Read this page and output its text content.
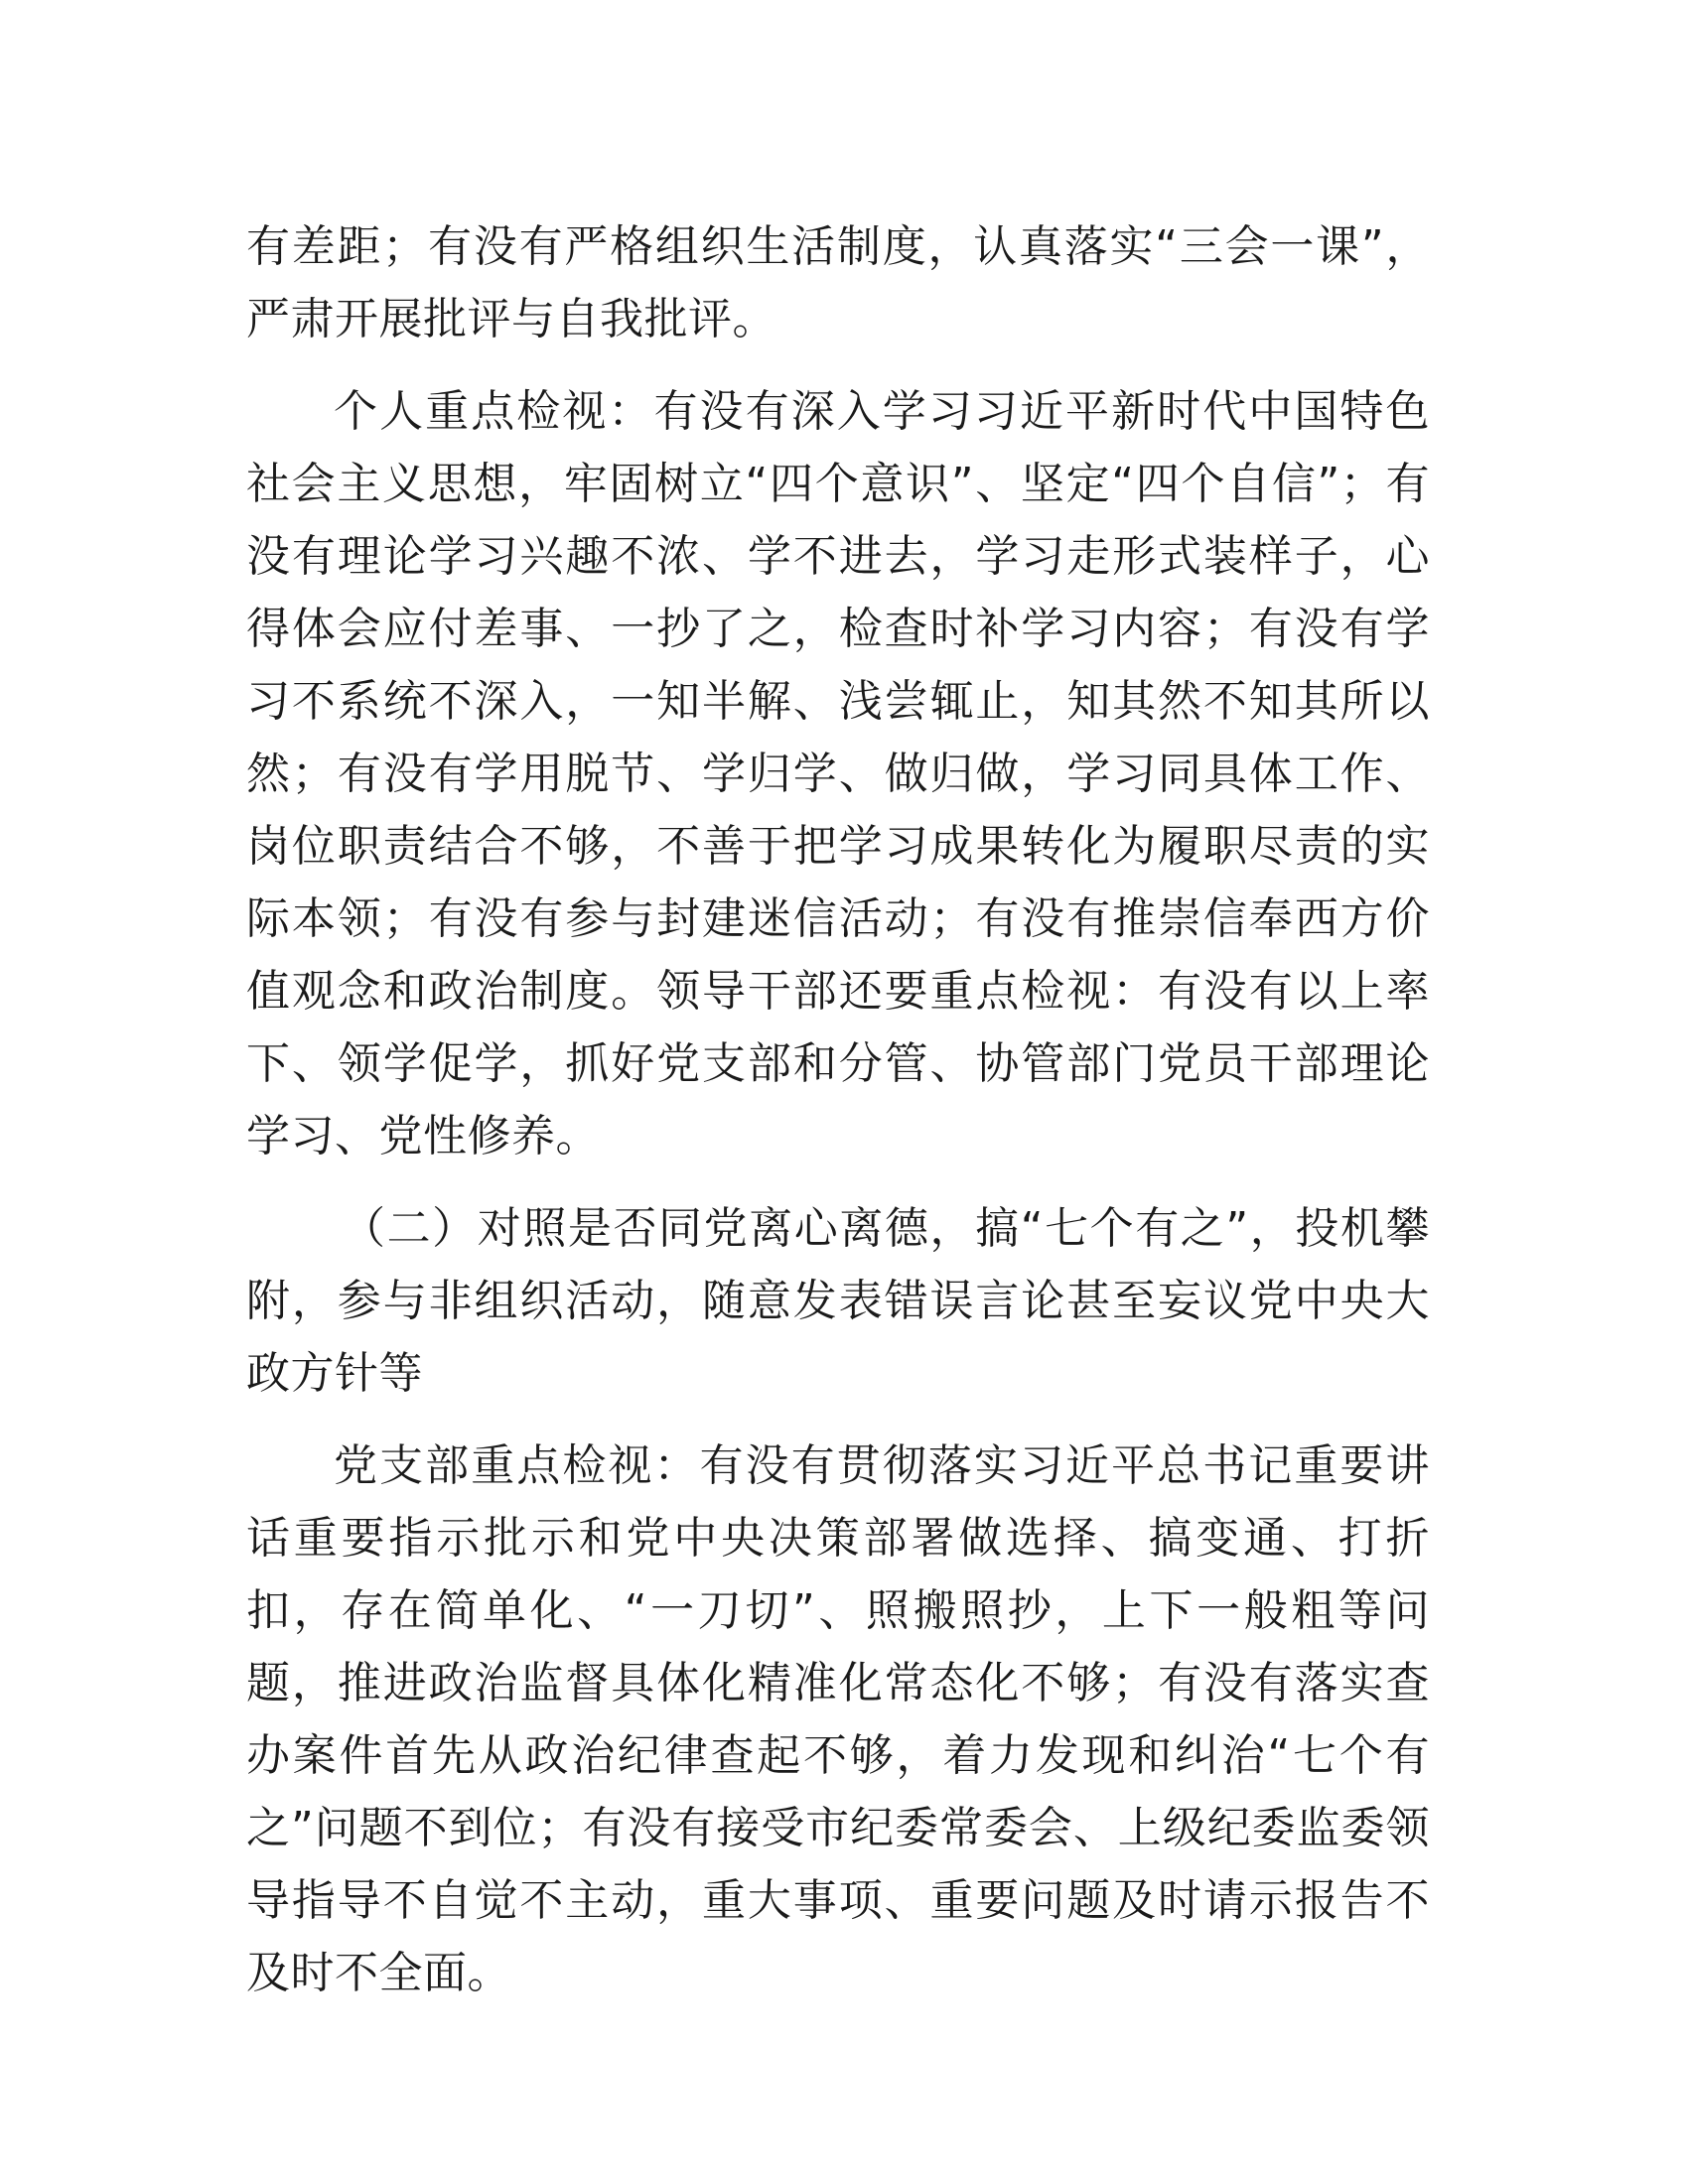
有差距；有没有严格组织生活制度，认真落实“三会一课”，严肃开展批评与自我批评。

个人重点检视：有没有深入学习习近平新时代中国特色社会主义思想，牢固树立“四个意识”、坚定“四个自信”；有没有理论学习兴趣不浓、学不进去，学习走形式装样子，心得体会应付差事、一抄了之，检查时补学习内容；有没有学习不系统不深入，一知半解、浅尝辄止，知其然不知其所以然；有没有学用脱节、学归学、做归做，学习同具体工作、岗位职责结合不够，不善于把学习成果转化为履职尽责的实际本领；有没有参与封建迷信活动；有没有推崇信奉西方价值观念和政治制度。领导干部还要重点检视：有没有以上率下、领学促学，抓好党支部和分管、协管部门党员干部理论学习、党性修养。

（二）对照是否同党离心离德，搞“七个有之”，投机攀附，参与非组织活动，随意发表错误言论甚至妄议党中央大政方针等

党支部重点检视：有没有贯彻落实习近平总书记重要讲话重要指示批示和党中央决策部署做选择、搞变通、打折扣，存在简单化、“一刀切”、照搬照抄，上下一般粗等问题，推进政治监督具体化精准化常态化不够；有没有落实查办案件首先从政治纪律查起不够，着力发现和纠治“七个有之”问题不到位；有没有接受市纪委常委会、上级纪委监委领导指导不自觉不主动，重大事项、重要问题及时请示报告不及时不全面。
